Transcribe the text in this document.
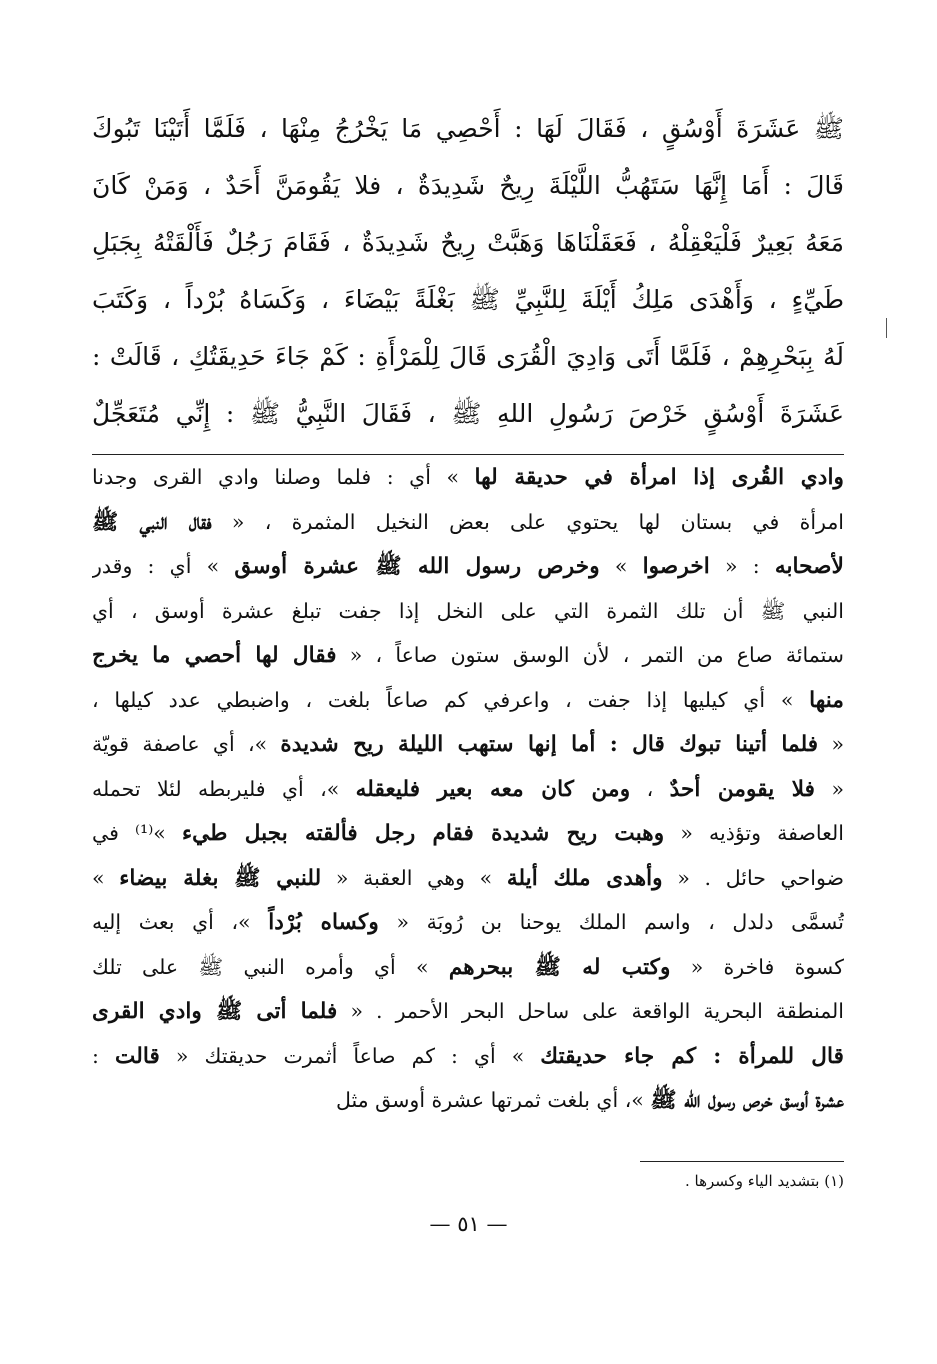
ﷺ عَشَرَةَ أَوْسُقٍ ، فَقَالَ لَهَا : أَحْصِي مَا يَخْرُجُ مِنْهَا ، فَلَمَّا أَتَيْنَا تَبُوكَ
قَالَ : أَمَا إِنَّهَا سَتَهُبُّ اللَّيْلَةَ رِيحٌ شَدِيدَةٌ ، فلا يَقُومَنَّ أَحَدٌ ، وَمَنْ كَانَ
مَعَهُ بَعِيرٌ فَلْيَعْقِلْهُ ، فَعَقَلْنَاهَا وَهَبَّتْ رِيحٌ شَدِيدَةٌ ، فَقَامَ رَجُلٌ فَأَلْقَتْهُ بِجَبَلِ
طَيِّءٍ ، وَأَهْدَى مَلِكُ أَيْلَةَ لِلنَّبِيِّ ﷺ بَغْلَةً بَيْضَاءَ ، وَكَسَاهُ بُرْداً ، وَكَتَبَ
لَهُ بِبَحْرِهِمْ ، فَلَمَّا أَتَى وَادِيَ الْقُرَى قَالَ لِلْمَرْأَةِ : كَمْ جَاءَ حَدِيقَتُكِ ، قَالَتْ :
عَشَرَةَ أَوْسُقٍ خَرْصَ رَسُولِ اللهِ ﷺ ، فَقَالَ النَّبِيُّ ﷺ : إِنِّي مُتَعَجِّلٌ
وادي القُرى إذا امرأة في حديقة لها » أي : فلما وصلنا وادي القرى وجدنا
امرأة في بستان لها يحتوي على بعض النخيل المثمرة ، « فقال النبي ﷺ
لأصحابه : « اخرصوا » وخرص رسول الله ﷺ عشرة أوسق » أي : وقدر
النبي ﷺ أن تلك الثمرة التي على النخل إذا جفت تبلغ عشرة أوسق ، أي
ستمائة صاع من التمر ، لأن الوسق ستون صاعاً ، « فقال لها أحصي ما يخرج
منها » أي كيليها إذا جفت ، واعرفي كم صاعاً بلغت ، واضبطي عدد كيلها ،
« فلما أتينا تبوك قال : أما إنها ستهب الليلة ريح شديدة »، أي عاصفة قويّة
« فلا يقومن أحدٌ ، ومن كان معه بعير فليعقله »، أي فليربطه لئلا تحمله
العاصفة وتؤذيه « وهبت ريح شديدة فقام رجل فألقته بجبل طيء »⁽¹⁾ في
ضواحي حائل . « وأهدى ملك أيلة » وهي العقبة « للنبي ﷺ بغلة بيضاء »
تُسمَّى دلدل ، واسم الملك يوحنا بن رُوبَة « وكساه بُرْداً »، أي بعث إليه
كسوة فاخرة « وكتب له ﷺ ببحرهم » أي وأمره النبي ﷺ على تلك
المنطقة البحرية الواقعة على ساحل البحر الأحمر . « فلما أتى ﷺ وادي القرى
قال للمرأة : كم جاء حديقتك » أي : كم صاعاً أثمرت حديقتك « قالت :
عشرة أوسق خرص رسول الله ﷺ »، أي بلغت ثمرتها عشرة أوسق مثل
(١) بتشديد الياء وكسرها .
— ٥١ —
